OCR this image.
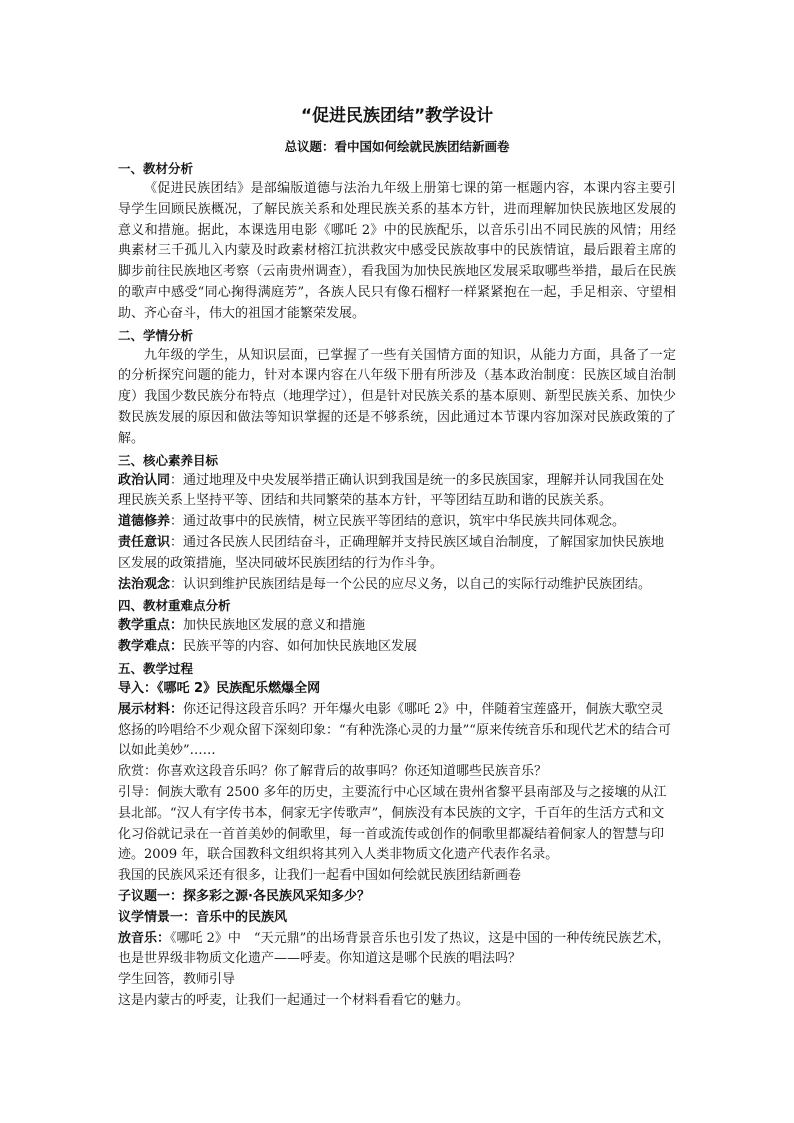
“促进民族团结”教学设计

总议题：看中国如何绘就民族团结新画卷

一、教材分析

《促进民族团结》是部编版道德与法治九年级上册第七课的第一框题内容，本课内容主要引导学生回顾民族概况，了解民族关系和处理民族关系的基本方针，进而理解加快民族地区发展的意义和措施。据此，本课选用电影《哪吒 2》中的民族配乐，以音乐引出不同民族的风情；用经典素材三千孤儿入内蒙及时政素材榕江抗洪救灾中感受民族故事中的民族情谊，最后跟着主席的脚步前往民族地区考察（云南贵州调查），看我国为加快民族地区发展采取哪些举措，最后在民族的歌声中感受“同心掬得满庭芳”，各族人民只有像石榴籽一样紧紧抱在一起，手足相亲、守望相助、齐心奋斗，伟大的祖国才能繁荣发展。

二、学情分析

九年级的学生，从知识层面，已掌握了一些有关国情方面的知识，从能力方面，具备了一定的分析探究问题的能力，针对本课内容在八年级下册有所涉及（基本政治制度：民族区域自治制度）我国少数民族分布特点（地理学过），但是针对民族关系的基本原则、新型民族关系、加快少数民族发展的原因和做法等知识掌握的还是不够系统，因此通过本节课内容加深对民族政策的了解。

三、核心素养目标

政治认同：通过地理及中央发展举措正确认识到我国是统一的多民族国家，理解并认同我国在处理民族关系上坚持平等、团结和共同繁荣的基本方针，平等团结互助和谐的民族关系。

道德修养：通过故事中的民族情，树立民族平等团结的意识，筑牢中华民族共同体观念。

责任意识：通过各民族人民团结奋斗，正确理解并支持民族区域自治制度，了解国家加快民族地区发展的政策措施，坚决同破坏民族团结的行为作斗争。

法治观念：认识到维护民族团结是每一个公民的应尽义务，以自己的实际行动维护民族团结。

四、教材重难点分析

教学重点：加快民族地区发展的意义和措施

教学难点：民族平等的内容、如何加快民族地区发展

五、教学过程

导入：《哪吒 2》民族配乐燃爆全网

展示材料：你还记得这段音乐吗？开年爆火电影《哪吒 2》中，伴随着宝莲盛开，侗族大歌空灵悠扬的吟唱给不少观众留下深刻印象：“有种洗涤心灵的力量”“原来传统音乐和现代艺术的结合可以如此美妙”……

欣赏：你喜欢这段音乐吗？你了解背后的故事吗？你还知道哪些民族音乐？

引导：侗族大歌有 2500 多年的历史，主要流行中心区域在贵州省黎平县南部及与之接壤的从江县北部。“汉人有字传书本，侗家无字传歌声”，侗族没有本民族的文字，千百年的生活方式和文化习俗就记录在一首首美妙的侗歌里，每一首或流传或创作的侗歌里都凝结着侗家人的智慧与印迹。2009 年，联合国教科文组织将其列入人类非物质文化遗产代表作名录。

我国的民族风采还有很多，让我们一起看中国如何绘就民族团结新画卷

子议题一：探多彩之源·各民族风采知多少？

议学情景一：音乐中的民族风

放音乐：《哪吒 2》中　“天元鼎”的出场背景音乐也引发了热议，这是中国的一种传统民族艺术，也是世界级非物质文化遗产——呼麦。你知道这是哪个民族的唱法吗？

学生回答，教师引导

这是内蒙古的呼麦，让我们一起通过一个材料看看它的魅力。
